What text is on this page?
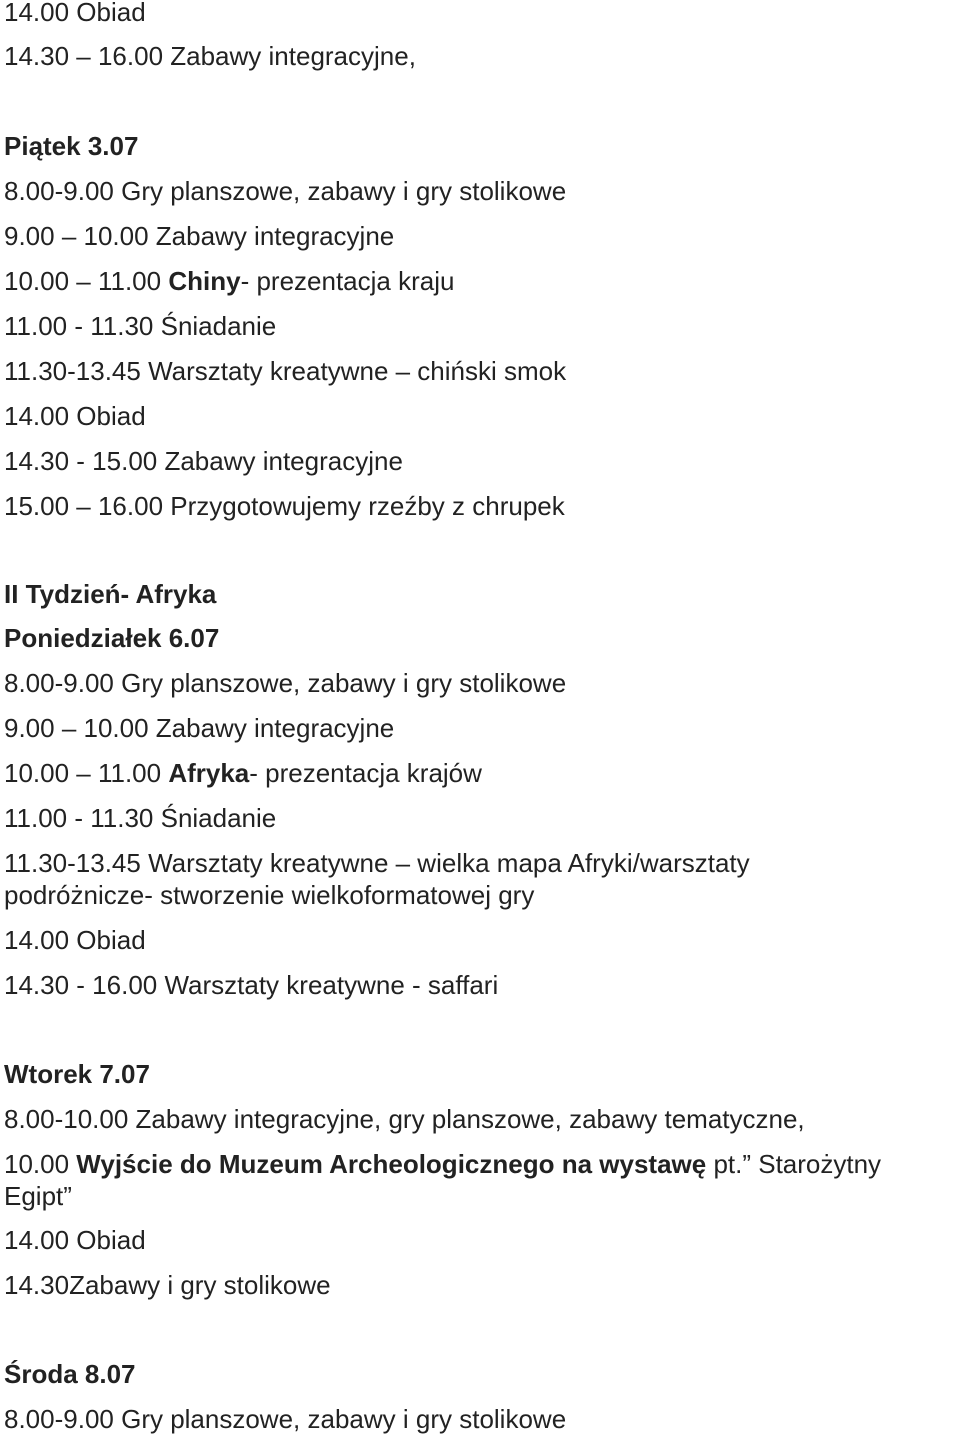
14.00 Obiad
14.30 – 16.00 Zabawy integracyjne,
Piątek 3.07
8.00-9.00 Gry planszowe, zabawy i gry stolikowe
9.00 – 10.00 Zabawy integracyjne
10.00 – 11.00 Chiny- prezentacja kraju
11.00 - 11.30 Śniadanie
11.30-13.45 Warsztaty kreatywne – chiński smok
14.00 Obiad
14.30 - 15.00 Zabawy integracyjne
15.00 – 16.00 Przygotowujemy rzeźby z chrupek
II Tydzień- Afryka
Poniedziałek 6.07
8.00-9.00 Gry planszowe, zabawy i gry stolikowe
9.00 – 10.00 Zabawy integracyjne
10.00 – 11.00 Afryka- prezentacja krajów
11.00 - 11.30 Śniadanie
11.30-13.45 Warsztaty kreatywne – wielka mapa Afryki/warsztaty podróżnicze- stworzenie wielkoformatowej gry
14.00 Obiad
14.30 - 16.00 Warsztaty kreatywne - saffari
Wtorek 7.07
8.00-10.00 Zabawy integracyjne, gry planszowe, zabawy tematyczne,
10.00 Wyjście do Muzeum Archeologicznego na wystawę pt.” Starożytny Egipt”
14.00 Obiad
14.30Zabawy i gry stolikowe
Środa 8.07
8.00-9.00 Gry planszowe, zabawy i gry stolikowe
